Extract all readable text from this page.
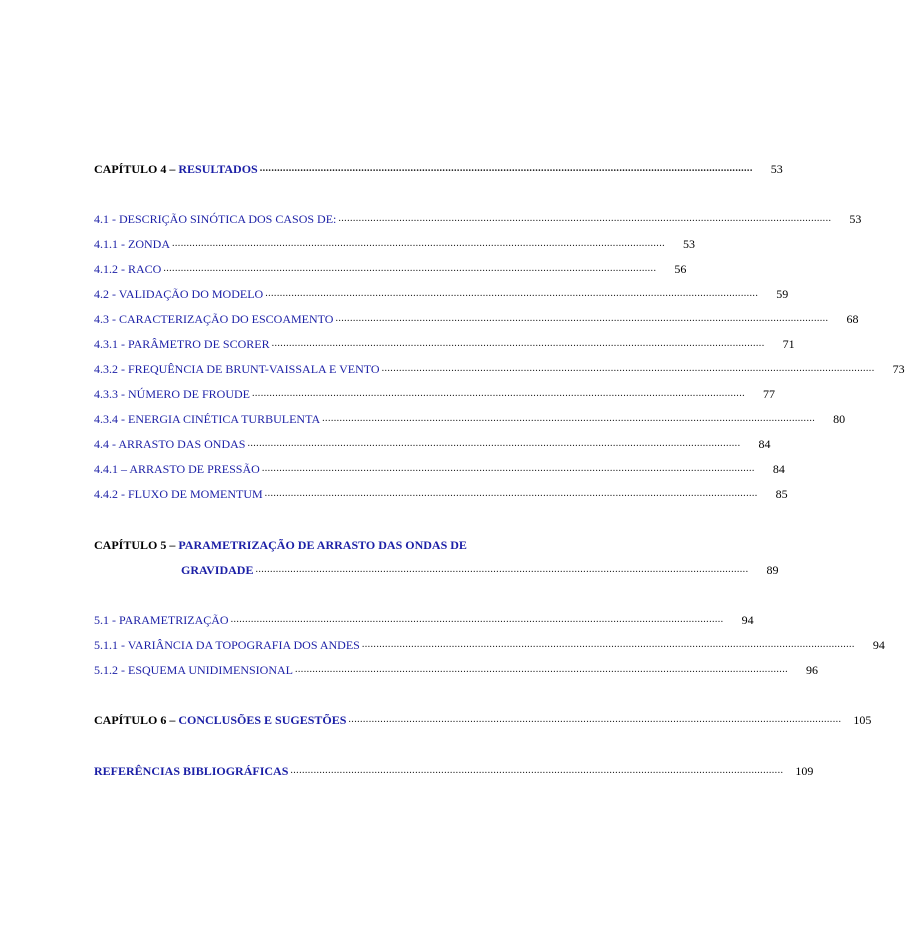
CAPÍTULO 4 – RESULTADOS ..........................................................................................................................................................................	53
4.1 - DESCRIÇÃO SINÓTICA DOS CASOS DE: ..........................................................................................................................................................................	53
4.1.1 - ZONDA ..........................................................................................................................................................................	53
4.1.2 - RACO ..........................................................................................................................................................................	56
4.2 - VALIDAÇÃO DO MODELO ..........................................................................................................................................................................	59
4.3 - CARACTERIZAÇÃO DO ESCOAMENTO ..........................................................................................................................................................................	68
4.3.1 - PARÂMETRO DE SCORER ..........................................................................................................................................................................	71
4.3.2 - FREQUÊNCIA DE BRUNT-VAISSALA E VENTO ..........................................................................................................................................................................	73
4.3.3 - NÚMERO DE FROUDE ..........................................................................................................................................................................	77
4.3.4 - ENERGIA CINÉTICA TURBULENTA ..........................................................................................................................................................................	80
4.4 - ARRASTO DAS ONDAS ..........................................................................................................................................................................	84
4.4.1 – ARRASTO DE PRESSÃO ..........................................................................................................................................................................	84
4.4.2 - FLUXO DE MOMENTUM ..........................................................................................................................................................................	85
CAPÍTULO 5 – PARAMETRIZAÇÃO DE ARRASTO DAS ONDAS DE
GRAVIDADE ..........................................................................................................................................................................	89
5.1 - PARAMETRIZAÇÃO ..........................................................................................................................................................................	94
5.1.1 - VARIÂNCIA DA TOPOGRAFIA DOS ANDES ..........................................................................................................................................................................	94
5.1.2 - ESQUEMA UNIDIMENSIONAL ..........................................................................................................................................................................	96
CAPÍTULO 6 – CONCLUSÕES E SUGESTÕES ..........................................................................................................................................................................	105
REFERÊNCIAS BIBLIOGRÁFICAS ..........................................................................................................................................................................	109
